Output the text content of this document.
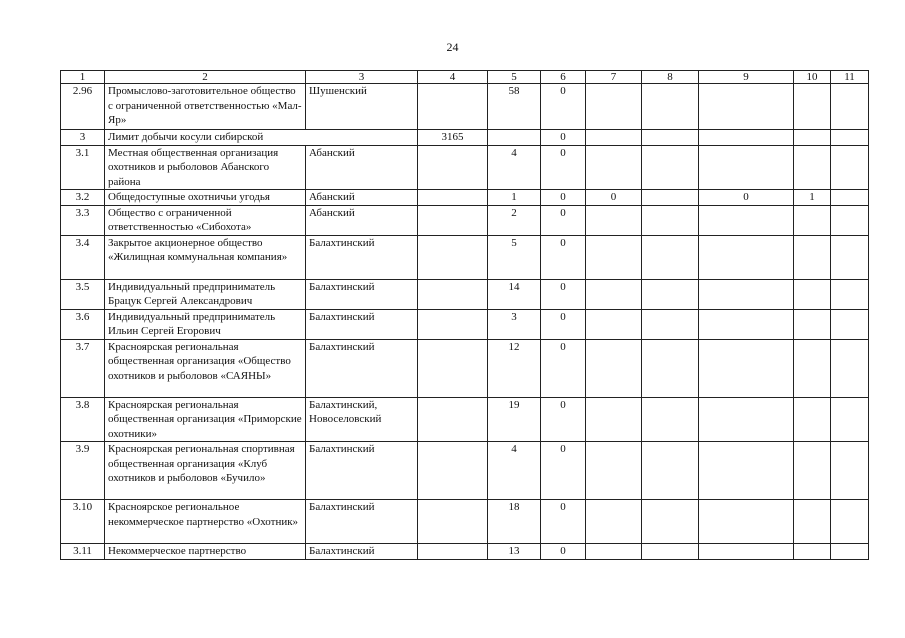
24
1	2	3	4	5	6	7	8	9	10	11
2.96	Промыслово-заготовительное общество с ограниченной ответственностью «Мал-Яр»	Шушенский		58	0					
3	Лимит добычи косули сибирской		3165		0					
3.1	Местная общественная организация охотников и рыболовов Абанского района	Абанский		4	0					
3.2	Общедоступные охотничьи угодья	Абанский		1	0	0		0	1	
3.3	Общество с ограниченной ответственностью «Сибохота»	Абанский		2	0					
3.4	Закрытое акционерное общество «Жилищная коммунальная компания»	Балахтинский		5	0					
3.5	Индивидуальный предприниматель Брацук Сергей Александрович	Балахтинский		14	0					
3.6	Индивидуальный предприниматель Ильин Сергей Егорович	Балахтинский		3	0					
3.7	Красноярская региональная общественная организация «Общество охотников и рыболовов «САЯНЫ»	Балахтинский		12	0					
3.8	Красноярская региональная общественная организация «Приморские охотники»	Балахтинский, Новоселовский		19	0					
3.9	Красноярская региональная спортивная общественная организация «Клуб охотников и рыболовов «Бучило»	Балахтинский		4	0					
3.10	Красноярское региональное некоммерческое партнерство «Охотник»	Балахтинский		18	0					
3.11	Некоммерческое партнерство	Балахтинский		13	0					
